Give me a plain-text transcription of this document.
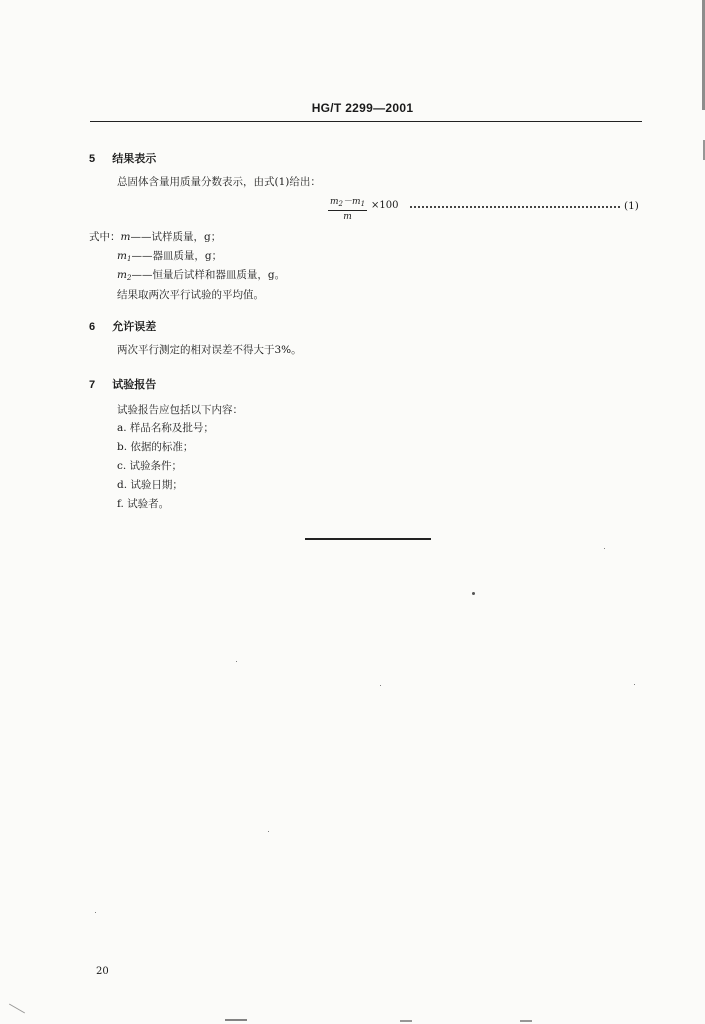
HG/T 2299—2001
5 结果表示
总固体含量用质量分数表示，由式(1)给出：
$\frac{m_2-m_1}{m} \times 100$	(1)
式中：m——试样质量，g；
$m_1——$器皿质量，g；
$m_2——$恒量后试样和器皿质量，g。
结果取两次平行试验的平均值。
6 允许误差
两次平行测定的相对误差不得大于3%。
7 试验报告
试验报告应包括以下内容：
a. 样品名称及批号；
b. 依据的标准；
c. 试验条件；
d. 试验日期；
f. 试验者。
20
